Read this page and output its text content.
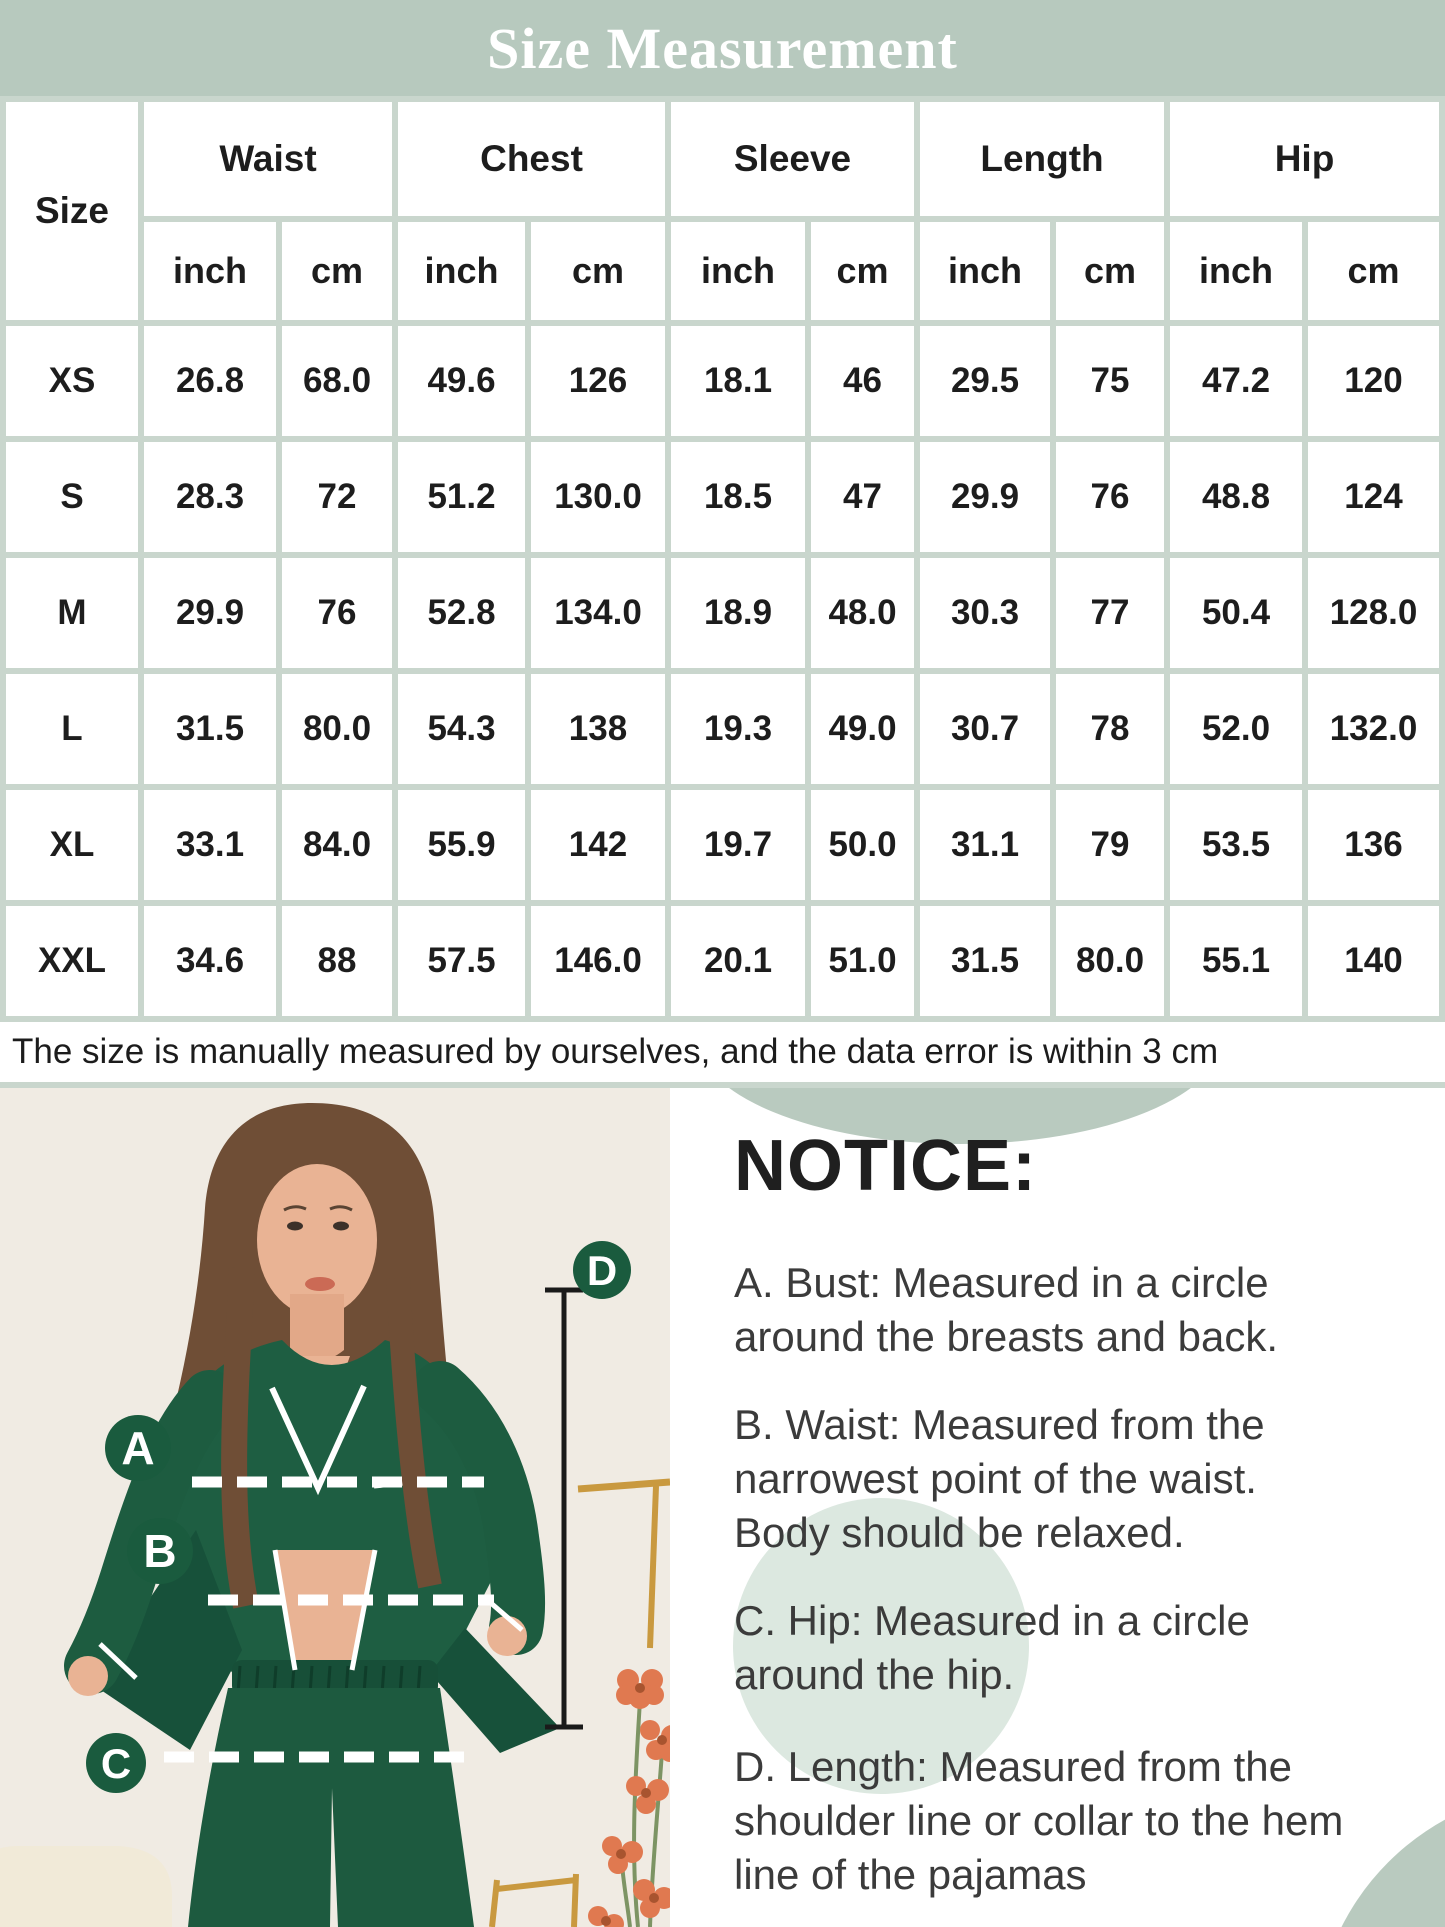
Size Measurement
Size	Waist		Chest		Sleeve		Length		Hip	
	inch	cm	inch	cm	inch	cm	inch	cm	inch	cm
XS	26.8	68.0	49.6	126	18.1	46	29.5	75	47.2	120
S	28.3	72	51.2	130.0	18.5	47	29.9	76	48.8	124
M	29.9	76	52.8	134.0	18.9	48.0	30.3	77	50.4	128.0
L	31.5	80.0	54.3	138	19.3	49.0	30.7	78	52.0	132.0
XL	33.1	84.0	55.9	142	19.7	50.0	31.1	79	53.5	136
XXL	34.6	88	57.5	146.0	20.1	51.0	31.5	80.0	55.1	140
The size is manually measured by ourselves, and the data error is within 3 cm
A
B
C
D
NOTICE:
A. Bust: Measured in a circle
around the breasts and back.
B. Waist: Measured from the
narrowest point of the waist.
Body should be relaxed.
C. Hip: Measured in a circle
around the hip.
D. Length: Measured from the
shoulder line or collar to the hem
line of the pajamas
